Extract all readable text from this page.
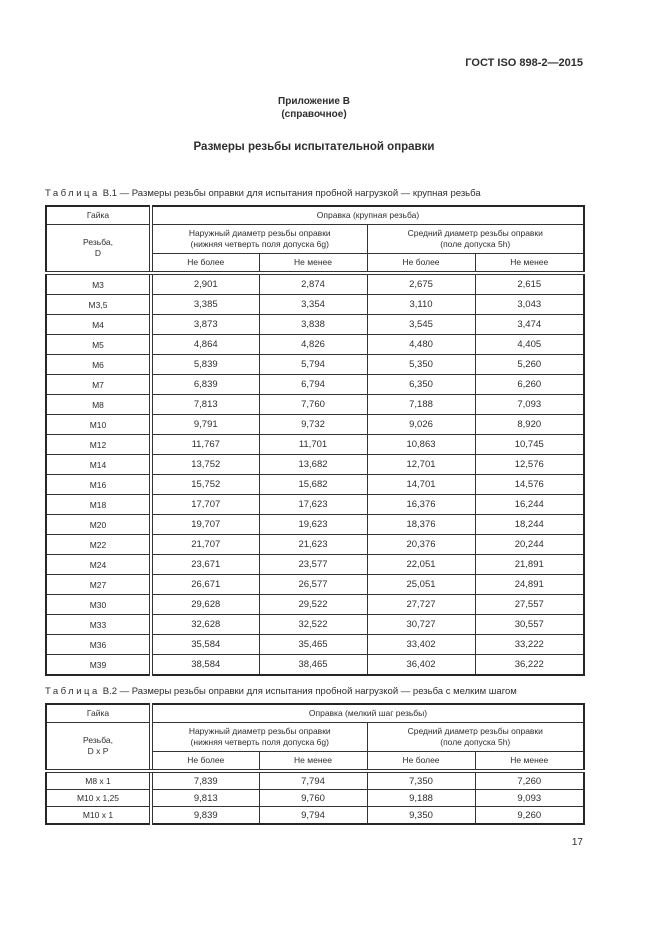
ГОСТ ISO 898-2—2015
Приложение В
(справочное)
Размеры резьбы испытательной оправки
Таблица В.1 — Размеры резьбы оправки для испытания пробной нагрузкой — крупная резьба
Гайка	Оправка (крупная резьба)			
Резьба,
D	Наружный диаметр резьбы оправки
(нижняя четверть поля допуска 6g)		Средний диаметр резьбы оправки
(поле допуска 5h)	
	Не более	Не менее	Не более	Не менее
M3	2,901	2,874	2,675	2,615
M3,5	3,385	3,354	3,110	3,043
M4	3,873	3,838	3,545	3,474
M5	4,864	4,826	4,480	4,405
M6	5,839	5,794	5,350	5,260
M7	6,839	6,794	6,350	6,260
M8	7,813	7,760	7,188	7,093
M10	9,791	9,732	9,026	8,920
M12	11,767	11,701	10,863	10,745
M14	13,752	13,682	12,701	12,576
M16	15,752	15,682	14,701	14,576
M18	17,707	17,623	16,376	16,244
M20	19,707	19,623	18,376	18,244
M22	21,707	21,623	20,376	20,244
M24	23,671	23,577	22,051	21,891
M27	26,671	26,577	25,051	24,891
M30	29,628	29,522	27,727	27,557
M33	32,628	32,522	30,727	30,557
M36	35,584	35,465	33,402	33,222
M39	38,584	38,465	36,402	36,222
Таблица В.2 — Размеры резьбы оправки для испытания пробной нагрузкой — резьба с мелким шагом
Гайка	Оправка (мелкий шаг резьбы)			
Резьба,
D x P	Наружный диаметр резьбы оправки
(нижняя четверть поля допуска 6g)		Средний диаметр резьбы оправки
(поле допуска 5h)	
	Не более	Не менее	Не более	Не менее
M8 x 1	7,839	7,794	7,350	7,260
M10 x 1,25	9,813	9,760	9,188	9,093
M10 x 1	9,839	9,794	9,350	9,260
17
